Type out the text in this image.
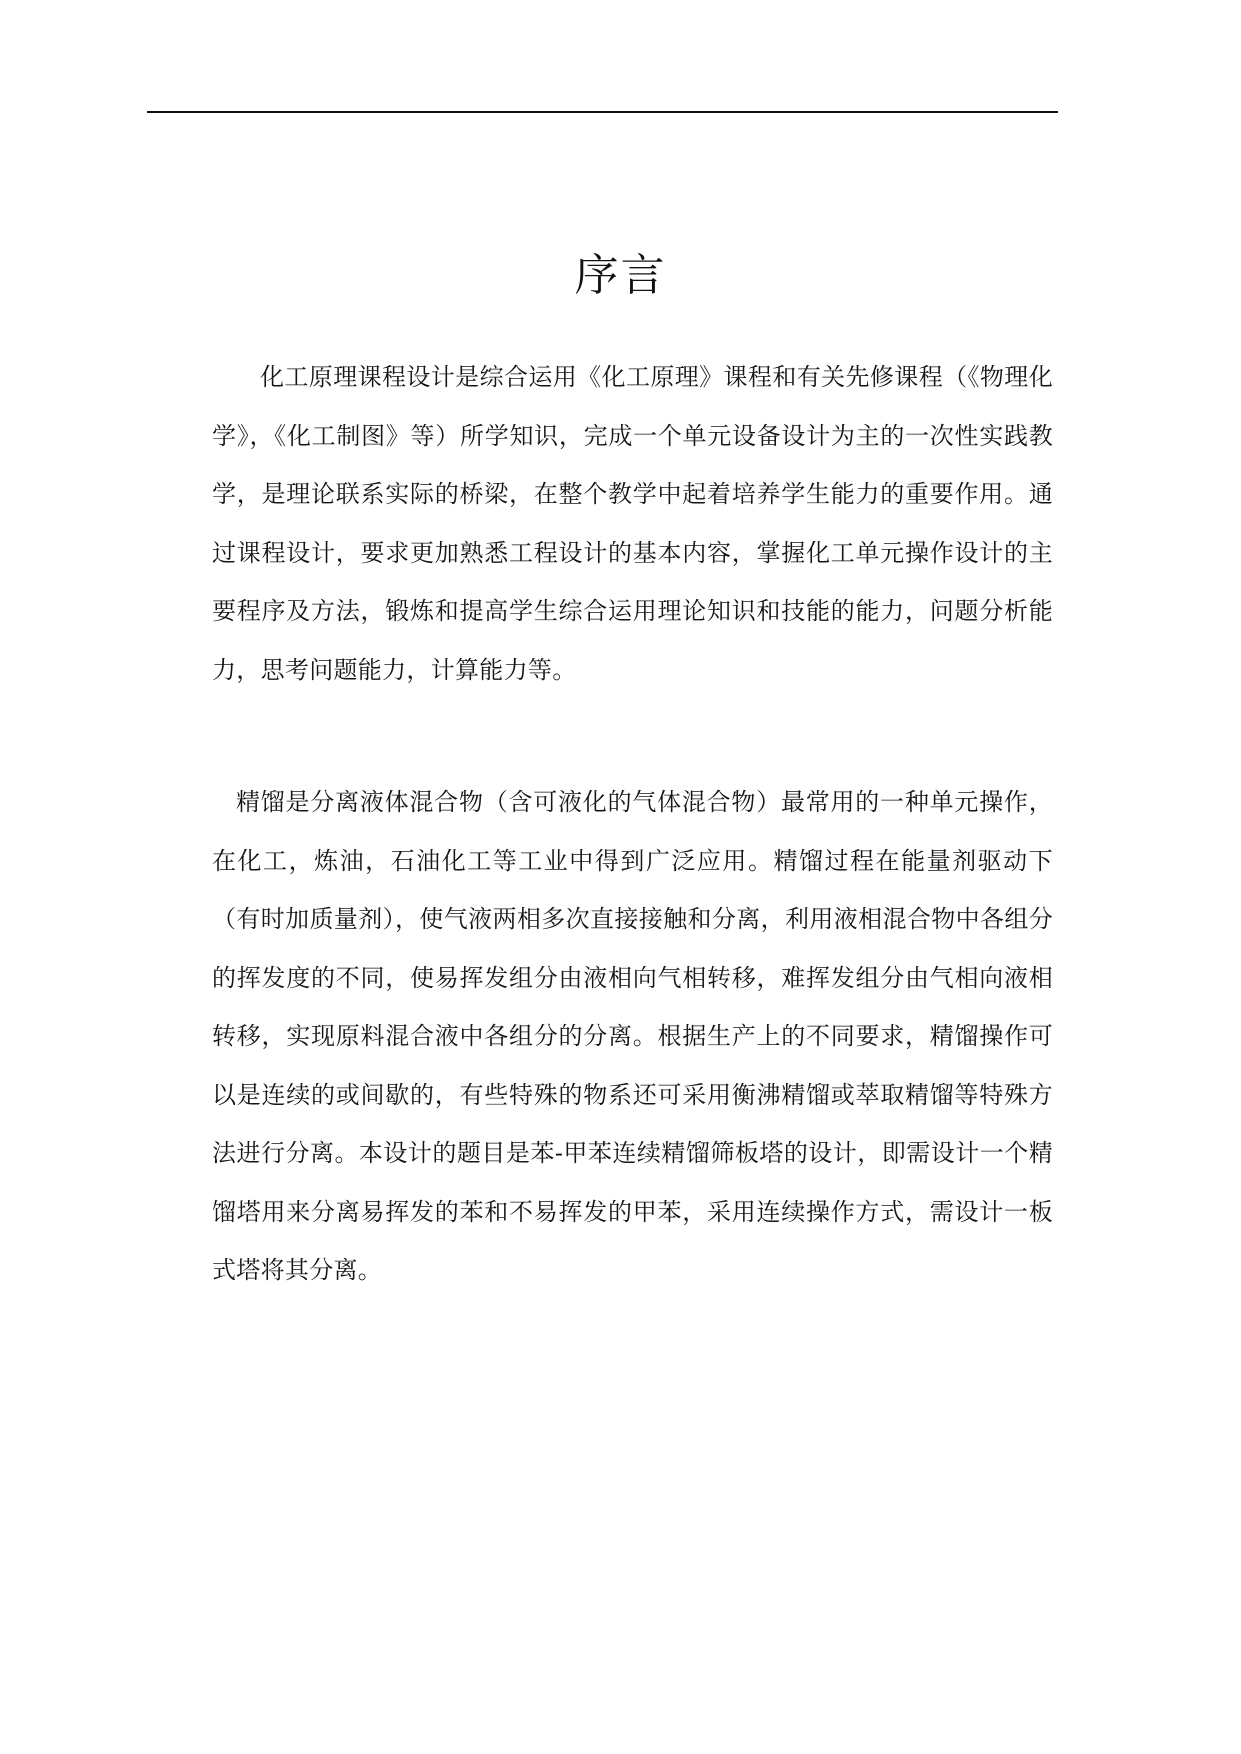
序言

化工原理课程设计是综合运用《化工原理》课程和有关先修课程（《物理化学》，《化工制图》等）所学知识，完成一个单元设备设计为主的一次性实践教学，是理论联系实际的桥梁，在整个教学中起着培养学生能力的重要作用。通过课程设计，要求更加熟悉工程设计的基本内容，掌握化工单元操作设计的主要程序及方法，锻炼和提高学生综合运用理论知识和技能的能力，问题分析能力，思考问题能力，计算能力等。

精馏是分离液体混合物（含可液化的气体混合物）最常用的一种单元操作，在化工，炼油，石油化工等工业中得到广泛应用。精馏过程在能量剂驱动下（有时加质量剂），使气液两相多次直接接触和分离，利用液相混合物中各组分的挥发度的不同，使易挥发组分由液相向气相转移，难挥发组分由气相向液相转移，实现原料混合液中各组分的分离。根据生产上的不同要求，精馏操作可以是连续的或间歇的，有些特殊的物系还可采用衡沸精馏或萃取精馏等特殊方法进行分离。本设计的题目是苯-甲苯连续精馏筛板塔的设计，即需设计一个精馏塔用来分离易挥发的苯和不易挥发的甲苯，采用连续操作方式，需设计一板式塔将其分离。
